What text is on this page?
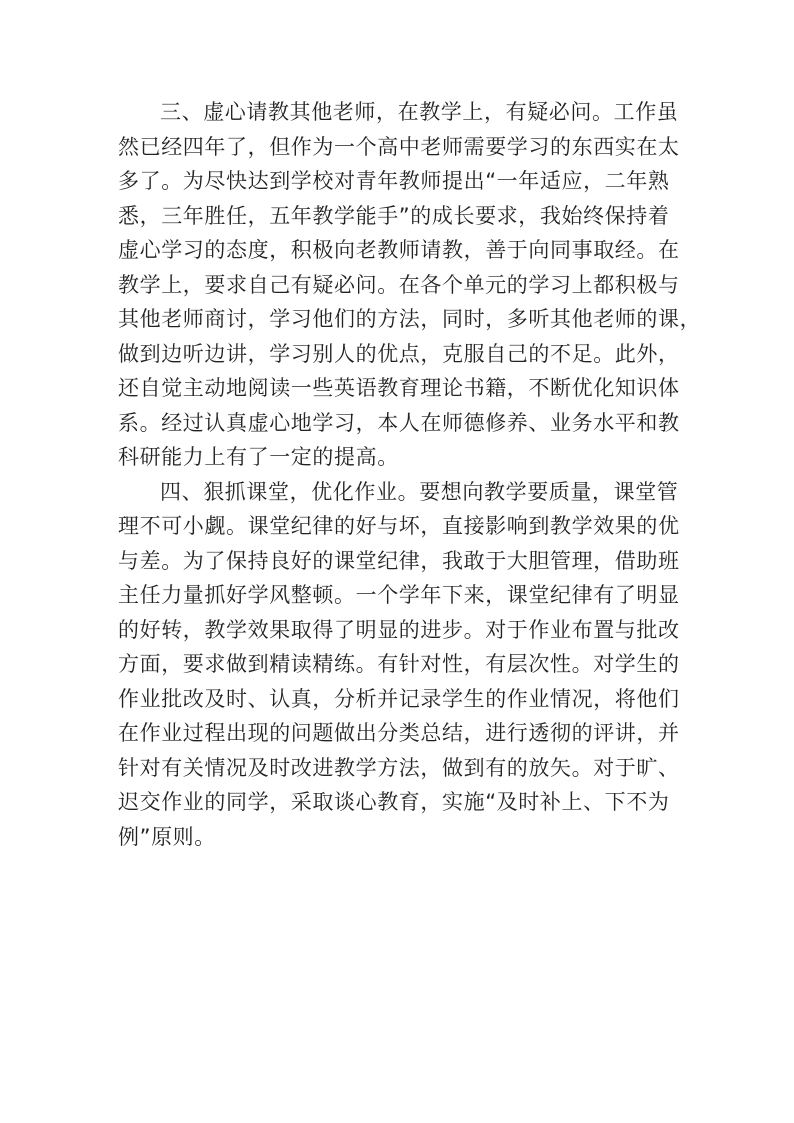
三、虚心请教其他老师，在教学上，有疑必问。工作虽
然已经四年了，但作为一个高中老师需要学习的东西实在太
多了。为尽快达到学校对青年教师提出“一年适应，二年熟
悉，三年胜任，五年教学能手”的成长要求，我始终保持着
虚心学习的态度，积极向老教师请教，善于向同事取经。在
教学上，要求自己有疑必问。在各个单元的学习上都积极与
其他老师商讨，学习他们的方法，同时，多听其他老师的课，
做到边听边讲，学习别人的优点，克服自己的不足。此外，
还自觉主动地阅读一些英语教育理论书籍，不断优化知识体
系。经过认真虚心地学习，本人在师德修养、业务水平和教
科研能力上有了一定的提高。
四、狠抓课堂，优化作业。要想向教学要质量，课堂管
理不可小觑。课堂纪律的好与坏，直接影响到教学效果的优
与差。为了保持良好的课堂纪律，我敢于大胆管理，借助班
主任力量抓好学风整顿。一个学年下来，课堂纪律有了明显
的好转，教学效果取得了明显的进步。对于作业布置与批改
方面，要求做到精读精练。有针对性，有层次性。对学生的
作业批改及时、认真，分析并记录学生的作业情况，将他们
在作业过程出现的问题做出分类总结，进行透彻的评讲，并
针对有关情况及时改进教学方法，做到有的放矢。对于旷、
迟交作业的同学，采取谈心教育，实施“及时补上、下不为
例”原则。
